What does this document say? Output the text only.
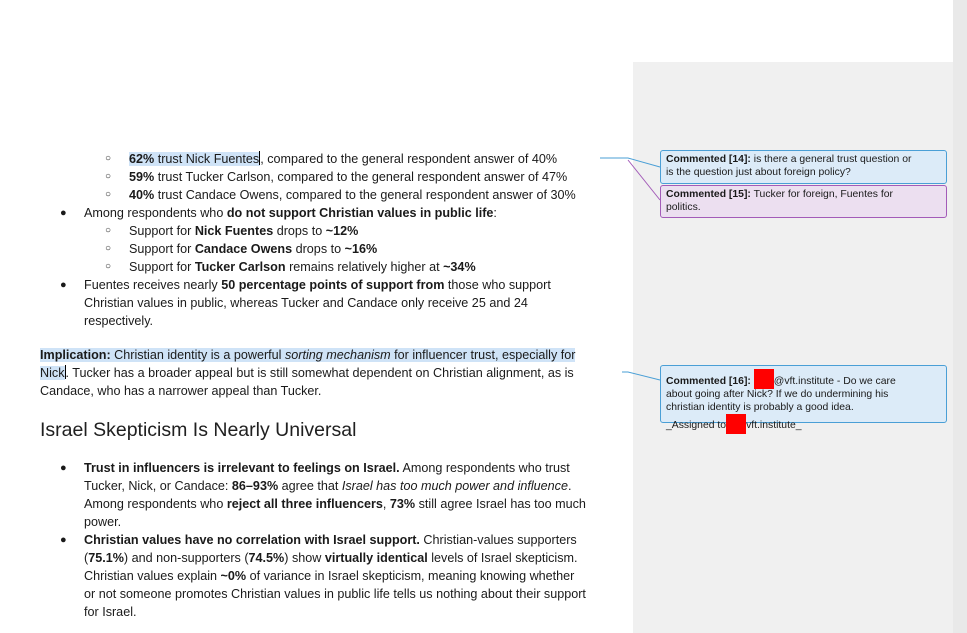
○ 62% trust Nick Fuentes, compared to the general respondent answer of 40%
○ 59% trust Tucker Carlson, compared to the general respondent answer of 47%
○ 40% trust Candace Owens, compared to the general respondent answer of 30%
● Among respondents who do not support Christian values in public life:
○ Support for Nick Fuentes drops to ~12%
○ Support for Candace Owens drops to ~16%
○ Support for Tucker Carlson remains relatively higher at ~34%
● Fuentes receives nearly 50 percentage points of support from those who support
Christian values in public, whereas Tucker and Candace only receive 25 and 24
respectively.
Implication: Christian identity is a powerful sorting mechanism for influencer trust, especially for
Nick. Tucker has a broader appeal but is still somewhat dependent on Christian alignment, as is
Candace, who has a narrower appeal than Tucker.
Israel Skepticism Is Nearly Universal
● Trust in influencers is irrelevant to feelings on Israel. Among respondents who trust
Tucker, Nick, or Candace: 86–93% agree that Israel has too much power and influence.
Among respondents who reject all three influencers, 73% still agree Israel has too much
power.
● Christian values have no correlation with Israel support. Christian-values supporters
(75.1%) and non-supporters (74.5%) show virtually identical levels of Israel skepticism.
Christian values explain ~0% of variance in Israel skepticism, meaning knowing whether
or not someone promotes Christian values in public life tells us nothing about their support
for Israel.
Commented [14]: is there a general trust question or
is the question just about foreign policy?
Commented [15]: Tucker for foreign, Fuentes for
politics.
Commented [16]: @vft.institute - Do we care
about going after Nick? If we do undermining his
christian identity is probably a good idea.
_Assigned to vft.institute_
